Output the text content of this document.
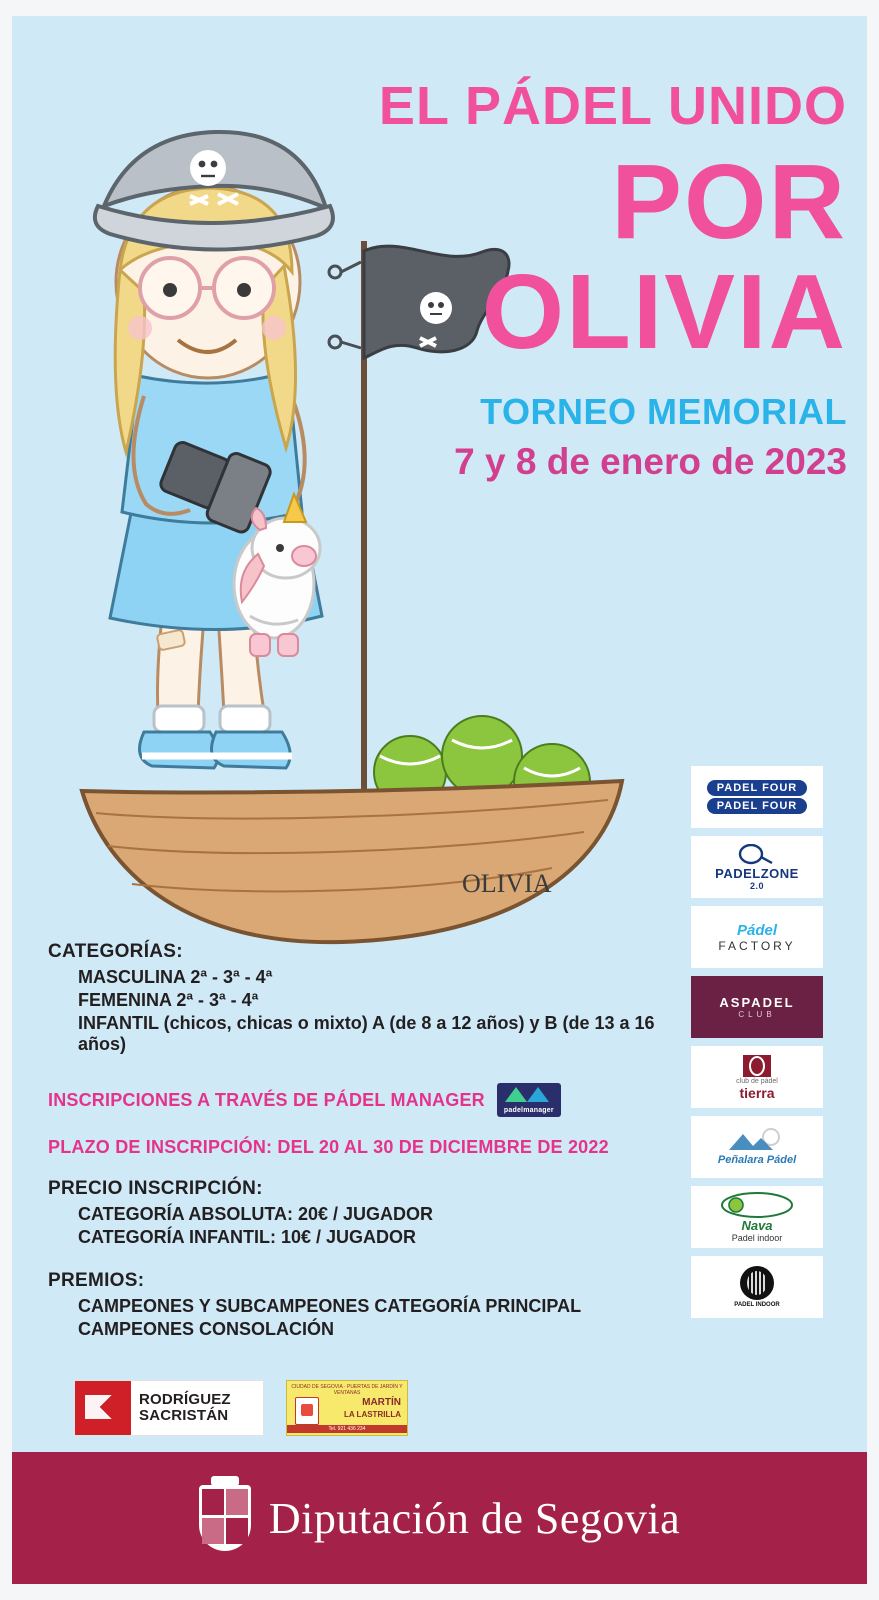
OLIVIA
EL PÁDEL UNIDO
POR
OLIVIA
TORNEO MEMORIAL
7 y 8 de enero de 2023
CATEGORÍAS:

MASCULINA 2ª - 3ª - 4ª

FEMENINA 2ª - 3ª - 4ª

INFANTIL (chicos, chicas o mixto) A (de 8 a 12 años) y B (de 13 a 16 años)

INSCRIPCIONES A TRAVÉS DE PÁDEL MANAGER
padelmanager
PLAZO DE INSCRIPCIÓN: DEL 20 AL 30 DE DICIEMBRE DE 2022
PRECIO INSCRIPCIÓN:

CATEGORÍA ABSOLUTA: 20€ / JUGADOR

CATEGORÍA INFANTIL: 10€ / JUGADOR

PREMIOS:

CAMPEONES Y SUBCAMPEONES CATEGORÍA PRINCIPAL

CAMPEONES CONSOLACIÓN

PADEL FOUR
PADEL FOUR
PADELZONE
2.0
Pádel
FACTORY
ASPADEL
CLUB
club de pádel
tierra
Peñalara Pádel
Nava
Padel indoor
PADEL INDOOR
RODRÍGUEZ
SACRISTÁN
CIUDAD DE SEGOVIA · PUERTAS DE JARDÍN Y VENTANAS
MARTÍN
LA LASTRILLA
Tel. 921 436 234
Diputación de Segovia
